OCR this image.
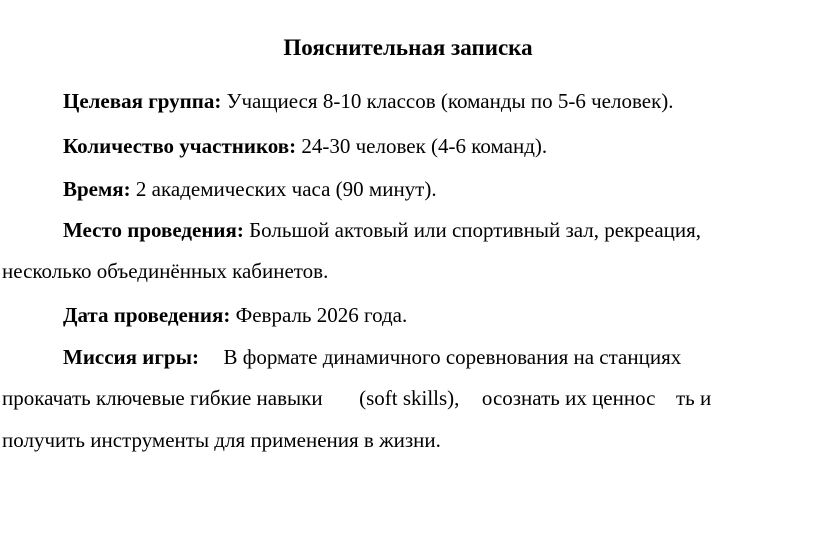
Пояснительная записка
Целевая группа: Учащиеся 8-10 классов (команды по 5-6 человек).
Количество участников: 24-30 человек (4-6 команд).
Время: 2 академических часа (90 минут).
Место проведения: Большой актовый или спортивный зал, рекреация,
несколько объединённых кабинетов.
Дата проведения: Февраль 2026 года.
Миссия игры: В формате динамичного соревнования на станциях
прокачать ключевые гибкие навыки (soft skills), осознать их ценнос ть и
получить инструменты для применения в жизни.
